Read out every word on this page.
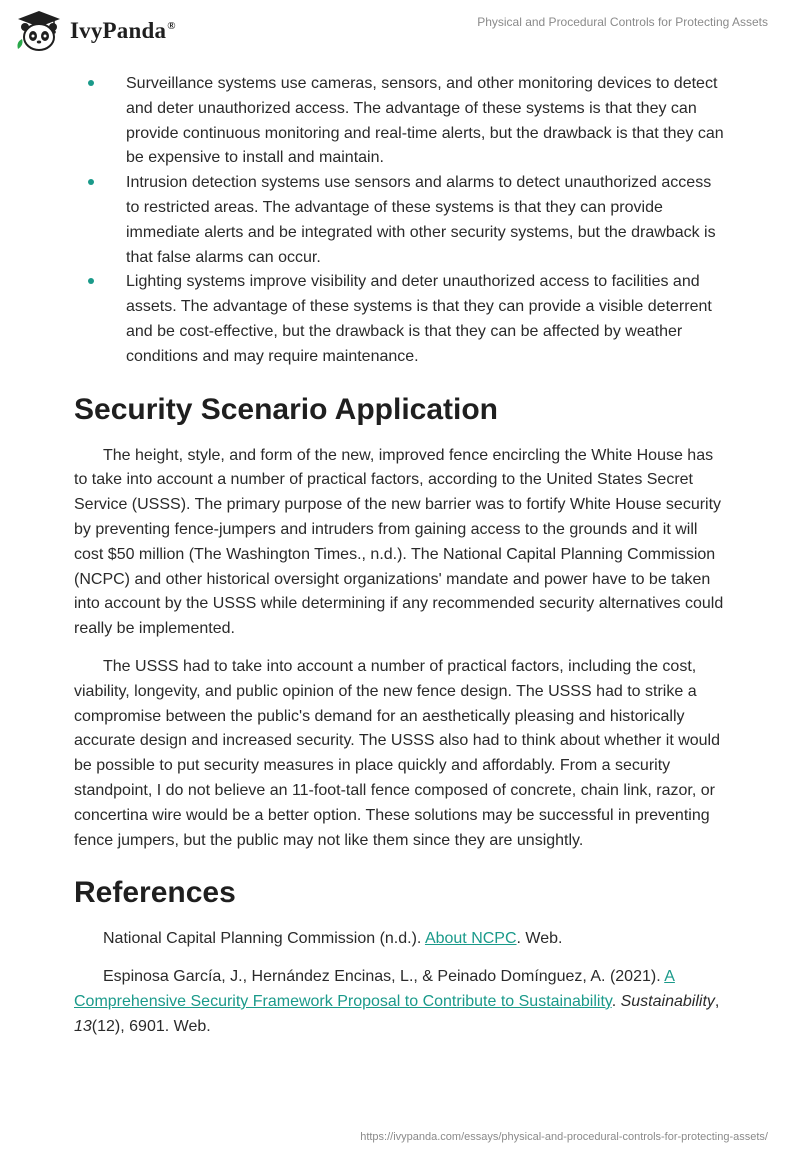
IvyPanda®	Physical and Procedural Controls for Protecting Assets
Surveillance systems use cameras, sensors, and other monitoring devices to detect and deter unauthorized access. The advantage of these systems is that they can provide continuous monitoring and real-time alerts, but the drawback is that they can be expensive to install and maintain.
Intrusion detection systems use sensors and alarms to detect unauthorized access to restricted areas. The advantage of these systems is that they can provide immediate alerts and be integrated with other security systems, but the drawback is that false alarms can occur.
Lighting systems improve visibility and deter unauthorized access to facilities and assets. The advantage of these systems is that they can provide a visible deterrent and be cost-effective, but the drawback is that they can be affected by weather conditions and may require maintenance.
Security Scenario Application

The height, style, and form of the new, improved fence encircling the White House has to take into account a number of practical factors, according to the United States Secret Service (USSS). The primary purpose of the new barrier was to fortify White House security by preventing fence-jumpers and intruders from gaining access to the grounds and it will cost $50 million (The Washington Times., n.d.). The National Capital Planning Commission (NCPC) and other historical oversight organizations' mandate and power have to be taken into account by the USSS while determining if any recommended security alternatives could really be implemented.

The USSS had to take into account a number of practical factors, including the cost, viability, longevity, and public opinion of the new fence design. The USSS had to strike a compromise between the public's demand for an aesthetically pleasing and historically accurate design and increased security. The USSS also had to think about whether it would be possible to put security measures in place quickly and affordably. From a security standpoint, I do not believe an 11-foot-tall fence composed of concrete, chain link, razor, or concertina wire would be a better option. These solutions may be successful in preventing fence jumpers, but the public may not like them since they are unsightly.

References

National Capital Planning Commission (n.d.). About NCPC. Web.

Espinosa García, J., Hernández Encinas, L., & Peinado Domínguez, A. (2021). A Comprehensive Security Framework Proposal to Contribute to Sustainability. Sustainability, 13(12), 6901. Web.

https://ivypanda.com/essays/physical-and-procedural-controls-for-protecting-assets/
